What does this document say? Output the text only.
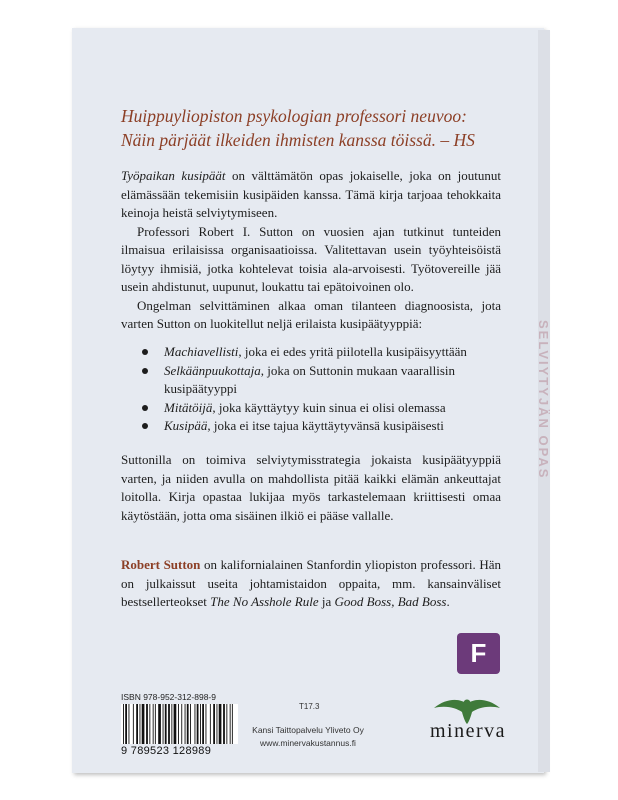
SELVIYTYJÄN OPAS
Huippuyliopiston psykologian professori neuvoo:
Näin pärjäät ilkeiden ihmisten kanssa töissä. – HS

Työpaikan kusipäät on välttämätön opas jokaiselle, joka on joutunut elämässään tekemisiin kusipäiden kanssa. Tämä kirja tarjoaa tehokkaita keinoja heistä selviytymiseen.

Professori Robert I. Sutton on vuosien ajan tutkinut tunteiden ilmaisua erilaisissa organisaatioissa. Valitettavan usein työyhteisöistä löytyy ihmisiä, jotka kohtelevat toisia ala-arvoisesti. Työtovereille jää usein ahdistunut, uupunut, loukattu tai epätoivoinen olo.

Ongelman selvittäminen alkaa oman tilanteen diagnoosista, jota varten Sutton on luokitellut neljä erilaista kusipäätyyppiä:

Machiavellisti, joka ei edes yritä piilotella kusipäisyyttään
Selkäänpuukottaja, joka on Suttonin mukaan vaarallisin kusipäätyyppi
Mitätöijä, joka käyttäytyy kuin sinua ei olisi olemassa
Kusipää, joka ei itse tajua käyttäytyvänsä kusipäisesti

Suttonilla on toimiva selviytymisstrategia jokaista kusipäätyyppiä varten, ja niiden avulla on mahdollista pitää kaikki elämän ankeuttajat loitolla. Kirja opastaa lukijaa myös tarkastelemaan kriittisesti omaa käytöstään, jotta oma sisäinen ilkiö ei pääse vallalle.

Robert Sutton on kalifornialainen Stanfordin yliopiston professori. Hän on julkaissut useita johtamistaidon oppaita, mm. kansainväliset bestsellerteokset The No Asshole Rule ja Good Boss, Bad Boss.

F
ISBN 978-952-312-898-9
9 789523 128989
T17.3
Kansi Taittopalvelu Yliveto Oy
www.minervakustannus.fi
minerva
